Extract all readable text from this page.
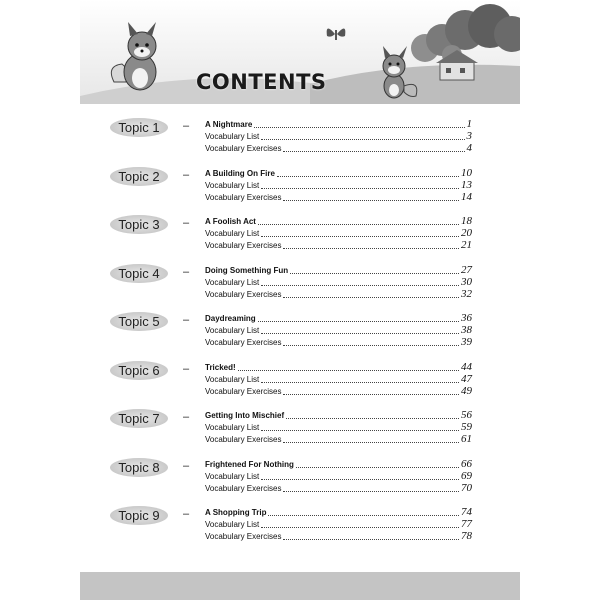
CONTENTS
Topic 1	– A Nightmare	1
Vocabulary List	3
Vocabulary Exercises	4
Topic 2	– A Building On Fire	10
Vocabulary List	13
Vocabulary Exercises	14
Topic 3	– A Foolish Act	18
Vocabulary List	20
Vocabulary Exercises	21
Topic 4	– Doing Something Fun	27
Vocabulary List	30
Vocabulary Exercises	32
Topic 5	– Daydreaming	36
Vocabulary List	38
Vocabulary Exercises	39
Topic 6	– Tricked!	44
Vocabulary List	47
Vocabulary Exercises	49
Topic 7	– Getting Into Mischief	56
Vocabulary List	59
Vocabulary Exercises	61
Topic 8	– Frightened For Nothing	66
Vocabulary List	69
Vocabulary Exercises	70
Topic 9	– A Shopping Trip	74
Vocabulary List	77
Vocabulary Exercises	78
